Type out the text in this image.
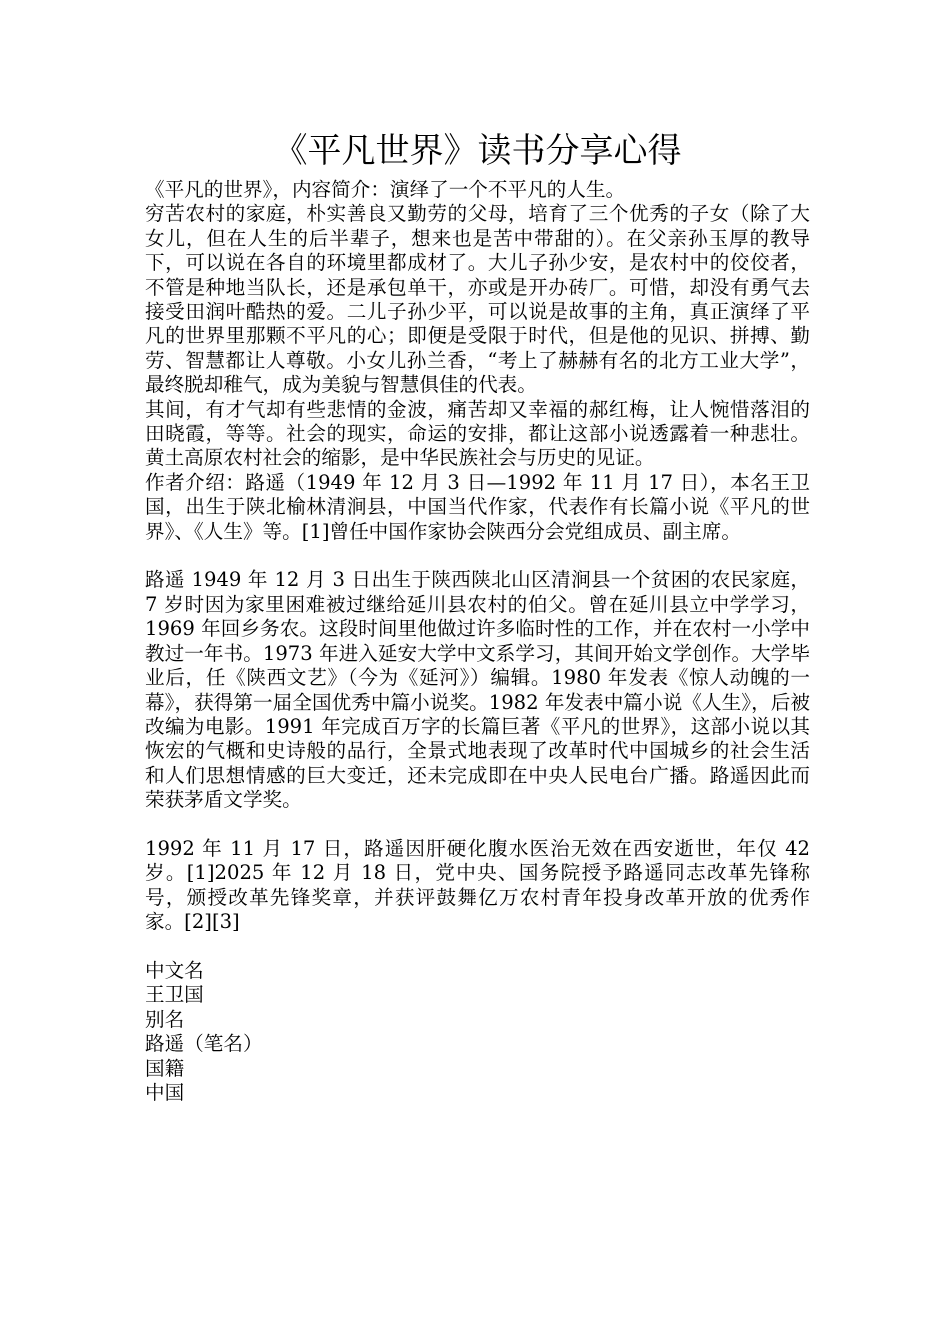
《平凡世界》读书分享心得

《平凡的世界》，内容简介：演绎了一个不平凡的人生。

穷苦农村的家庭，朴实善良又勤劳的父母，培育了三个优秀的子女（除了大女儿，但在人生的后半辈子，想来也是苦中带甜的）。在父亲孙玉厚的教导下，可以说在各自的环境里都成材了。大儿子孙少安，是农村中的佼佼者，不管是种地当队长，还是承包单干，亦或是开办砖厂。可惜，却没有勇气去接受田润叶酷热的爱。二儿子孙少平，可以说是故事的主角，真正演绎了平凡的世界里那颗不平凡的心；即便是受限于时代，但是他的见识、拼搏、勤劳、智慧都让人尊敬。小女儿孙兰香，“考上了赫赫有名的北方工业大学”，最终脱却稚气，成为美貌与智慧俱佳的代表。

其间，有才气却有些悲情的金波，痛苦却又幸福的郝红梅，让人惋惜落泪的田晓霞，等等。社会的现实，命运的安排，都让这部小说透露着一种悲壮。黄土高原农村社会的缩影，是中华民族社会与历史的见证。

作者介绍：路遥（1949 年 12 月 3 日—1992 年 11 月 17 日），本名王卫国，出生于陕北榆林清涧县，中国当代作家，代表作有长篇小说《平凡的世界》、《人生》等。[1]曾任中国作家协会陕西分会党组成员、副主席。

路遥 1949 年 12 月 3 日出生于陕西陕北山区清涧县一个贫困的农民家庭，7 岁时因为家里困难被过继给延川县农村的伯父。曾在延川县立中学学习，1969 年回乡务农。这段时间里他做过许多临时性的工作，并在农村一小学中教过一年书。1973 年进入延安大学中文系学习，其间开始文学创作。大学毕业后，任《陕西文艺》（今为《延河》）编辑。1980 年发表《惊人动魄的一幕》，获得第一届全国优秀中篇小说奖。1982 年发表中篇小说《人生》，后被改编为电影。1991 年完成百万字的长篇巨著《平凡的世界》，这部小说以其恢宏的气概和史诗般的品行，全景式地表现了改革时代中国城乡的社会生活和人们思想情感的巨大变迁，还未完成即在中央人民电台广播。路遥因此而荣获茅盾文学奖。

1992 年 11 月 17 日，路遥因肝硬化腹水医治无效在西安逝世，年仅 42 岁。[1]2025 年 12 月 18 日，党中央、国务院授予路遥同志改革先锋称号，颁授改革先锋奖章，并获评鼓舞亿万农村青年投身改革开放的优秀作家。[2][3]

中文名

王卫国

别名

路遥（笔名）

国籍

中国
